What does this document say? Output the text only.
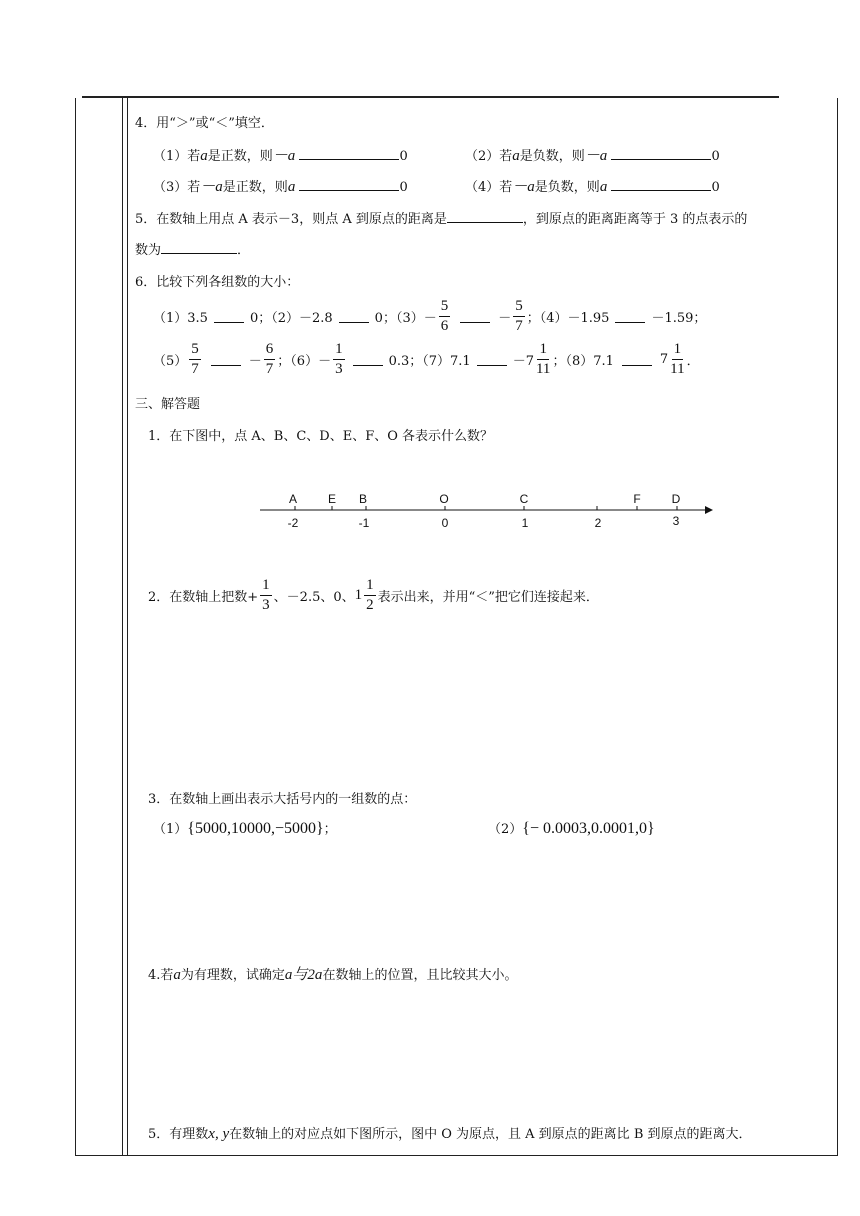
4．用“＞”或“＜”填空．
（1）若a是正数，则－a	0	（2）若a是负数，则－a	0
（3）若－a是正数，则a	0	（4）若－a是负数，则a	0
5．在数轴上用点 A 表示－3，则点 A 到原点的距离是	，到原点的距离距离等于 3 的点表示的
数为	．
6．比较下列各组数的大小：
（1）3.5	0；（2）－2.8	0；$(3)- \frac{5}{6}$	－ $\frac{5}{7}$ ；（4）－1.95	－1.59；
$(5) \frac{5}{7}$	－ $\frac{6}{7}$ ；$(6)- \frac{1}{3}$	0.3；（7）7.1	$-7 \frac{1}{11}$ ；（8）7.1	$7 \frac{1}{11}$ ．
三、解答题
1．在下图中，点 A、B、C、D、E、F、O 各表示什么数？
A	E B	O	C	F	D
-2	-1	0	1	2	3
2．在数轴上把数+ $\frac{1}{3}$ 、－2.5、0、 $1 \frac{1}{2}$ 表示出来，并用“＜”把它们连接起来．
3．在数轴上画出表示大括号内的一组数的点：
（1）{5000,10000,−5000}；	（2）{− 0.0003,0.0001,0}
4.若a为有理数，试确定a与2a在数轴上的位置，且比较其大小。
5．有理数x, y在数轴上的对应点如下图所示，图中 O 为原点，且 A 到原点的距离比 B 到原点的距离大．
